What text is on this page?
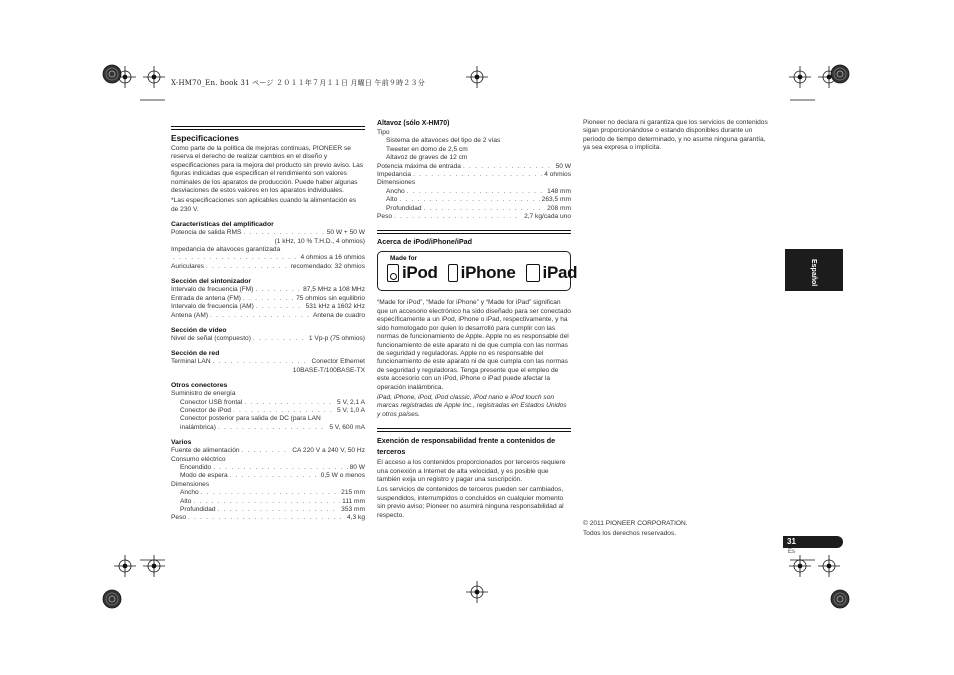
X-HM70_En. book 31 ページ ２０１１年７月１１日 月曜日 午前９時２３分
Especificaciones
Como parte de la política de mejoras continuas, PIONEER se reserva el derecho de realizar cambios en el diseño y especificaciones para la mejora del producto sin previo aviso. Las figuras indicadas que especifican el rendimiento son valores nominales de los aparatos de producción. Puede haber algunas desviaciones de estos valores en los aparatos individuales.
*Las especificaciones son aplicables cuando la alimentación es de 230 V.
Características del amplificador
Potencia de salida RMS . . .	50 W + 50 W
(1 kHz, 10 % T.H.D., 4 ohmios)
Impedancia de altavoces garantizada
. . .
4 ohmios a 16 ohmios
Auriculares . . .	recomendado: 32 ohmios
Sección del sintonizador
Intervalo de frecuencia (FM) . . .	87,5 MHz a 108 MHz
Entrada de antena (FM) . . .	75 ohmios sin equilibrio
Intervalo de frecuencia (AM) . . .	531 kHz a 1602 kHz
Antena (AM) . . .	Antena de cuadro
Sección de vídeo
Nivel de señal (compuesto) . . .	1 Vp-p (75 ohmios)
Sección de red
Terminal LAN . . .	Conector Ethernet
10BASE-T/100BASE-TX
Otros conectores
Suministro de energía
Conector USB frontal . . .	5 V, 2,1 A
Conector de iPod . . .	5 V, 1,0 A
Conector posterior para salida de DC (para LAN
inalámbrica) . . .	5 V, 600 mA
Varios
Fuente de alimentación . . .	CA 220 V a 240 V, 50 Hz
Consumo eléctrico
Encendido . . .	80 W
Modo de espera . . .	0,5 W o menos
Dimensiones
Ancho . . .	215 mm
Alto . . .	111 mm
Profundidad . . .	353 mm
Peso . . .	4,3 kg
Altavoz (sólo X-HM70)
Tipo
Sistema de altavoces del tipo de 2 vías
Tweeter en domo de 2,5 cm
Altavoz de graves de 12 cm
Potencia máxima de entrada . . .	50 W
Impedancia . . .	4 ohmios
Dimensiones
Ancho . . .	148 mm
Alto . . .	263,5 mm
Profundidad . . .	208 mm
Peso . . .	2,7 kg/cada uno
Acerca de iPod/iPhone/iPad
Made for
iPod iPhone iPad
“Made for iPod”, “Made for iPhone” y “Made for iPad” significan que un accesorio electrónico ha sido diseñado para ser conectado específicamente a un iPod, iPhone o iPad, respectivamente, y ha sido homologado por quien lo desarrolló para cumplir con las normas de funcionamiento de Apple. Apple no es responsable del funcionamiento de este aparato ni de que cumpla con las normas de seguridad y reguladoras. Apple no es responsable del funcionamiento de este aparato ni de que cumpla con las normas de seguridad y reguladoras. Tenga presente que el empleo de este accesorio con un iPod, iPhone o iPad puede afectar la operación inalámbrica.
iPad, iPhone, iPod, iPod classic, iPod nano e iPod touch son marcas registradas de Apple Inc., registradas en Estados Unidos y otros países.
Exención de responsabilidad frente a contenidos de terceros
El acceso a los contenidos proporcionados por terceros requiere una conexión a Internet de alta velocidad, y es posible que también exija un registro y pagar una suscripción.
Los servicios de contenidos de terceros pueden ser cambiados, suspendidos, interrumpidos o concluidos en cualquier momento sin previo aviso; Pioneer no asumirá ninguna responsabilidad al respecto.
Pioneer no declara ni garantiza que los servicios de contenidos sigan proporcionándose o estando disponibles durante un período de tiempo determinado, y no asume ninguna garantía, ya sea expresa o implícita.
© 2011 PIONEER CORPORATION.
Todos los derechos reservados.
Español
31
Es
